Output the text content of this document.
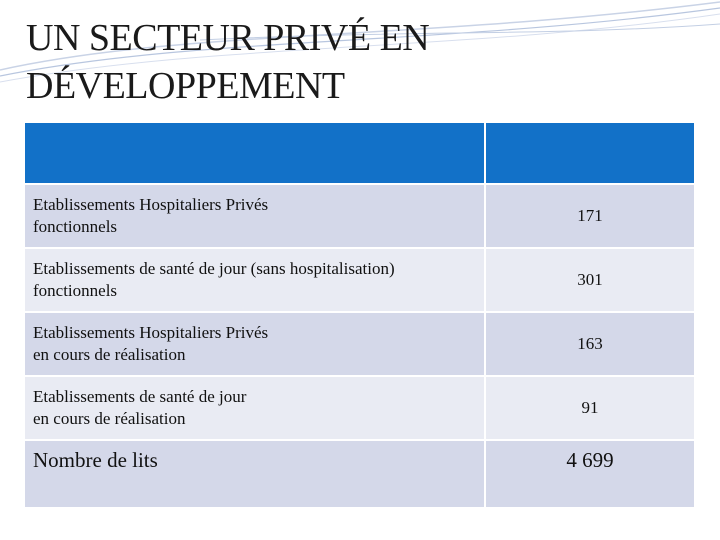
UN SECTEUR PRIVÉ EN
DÉVELOPPEMENT

Etablissements Hospitaliers Privés
fonctionnels	171

Etablissements de santé de jour (sans hospitalisation)
fonctionnels	301

Etablissements Hospitaliers Privés
en cours de réalisation	163

Etablissements de santé de jour
en cours de réalisation	91

Nombre de lits	4 699
